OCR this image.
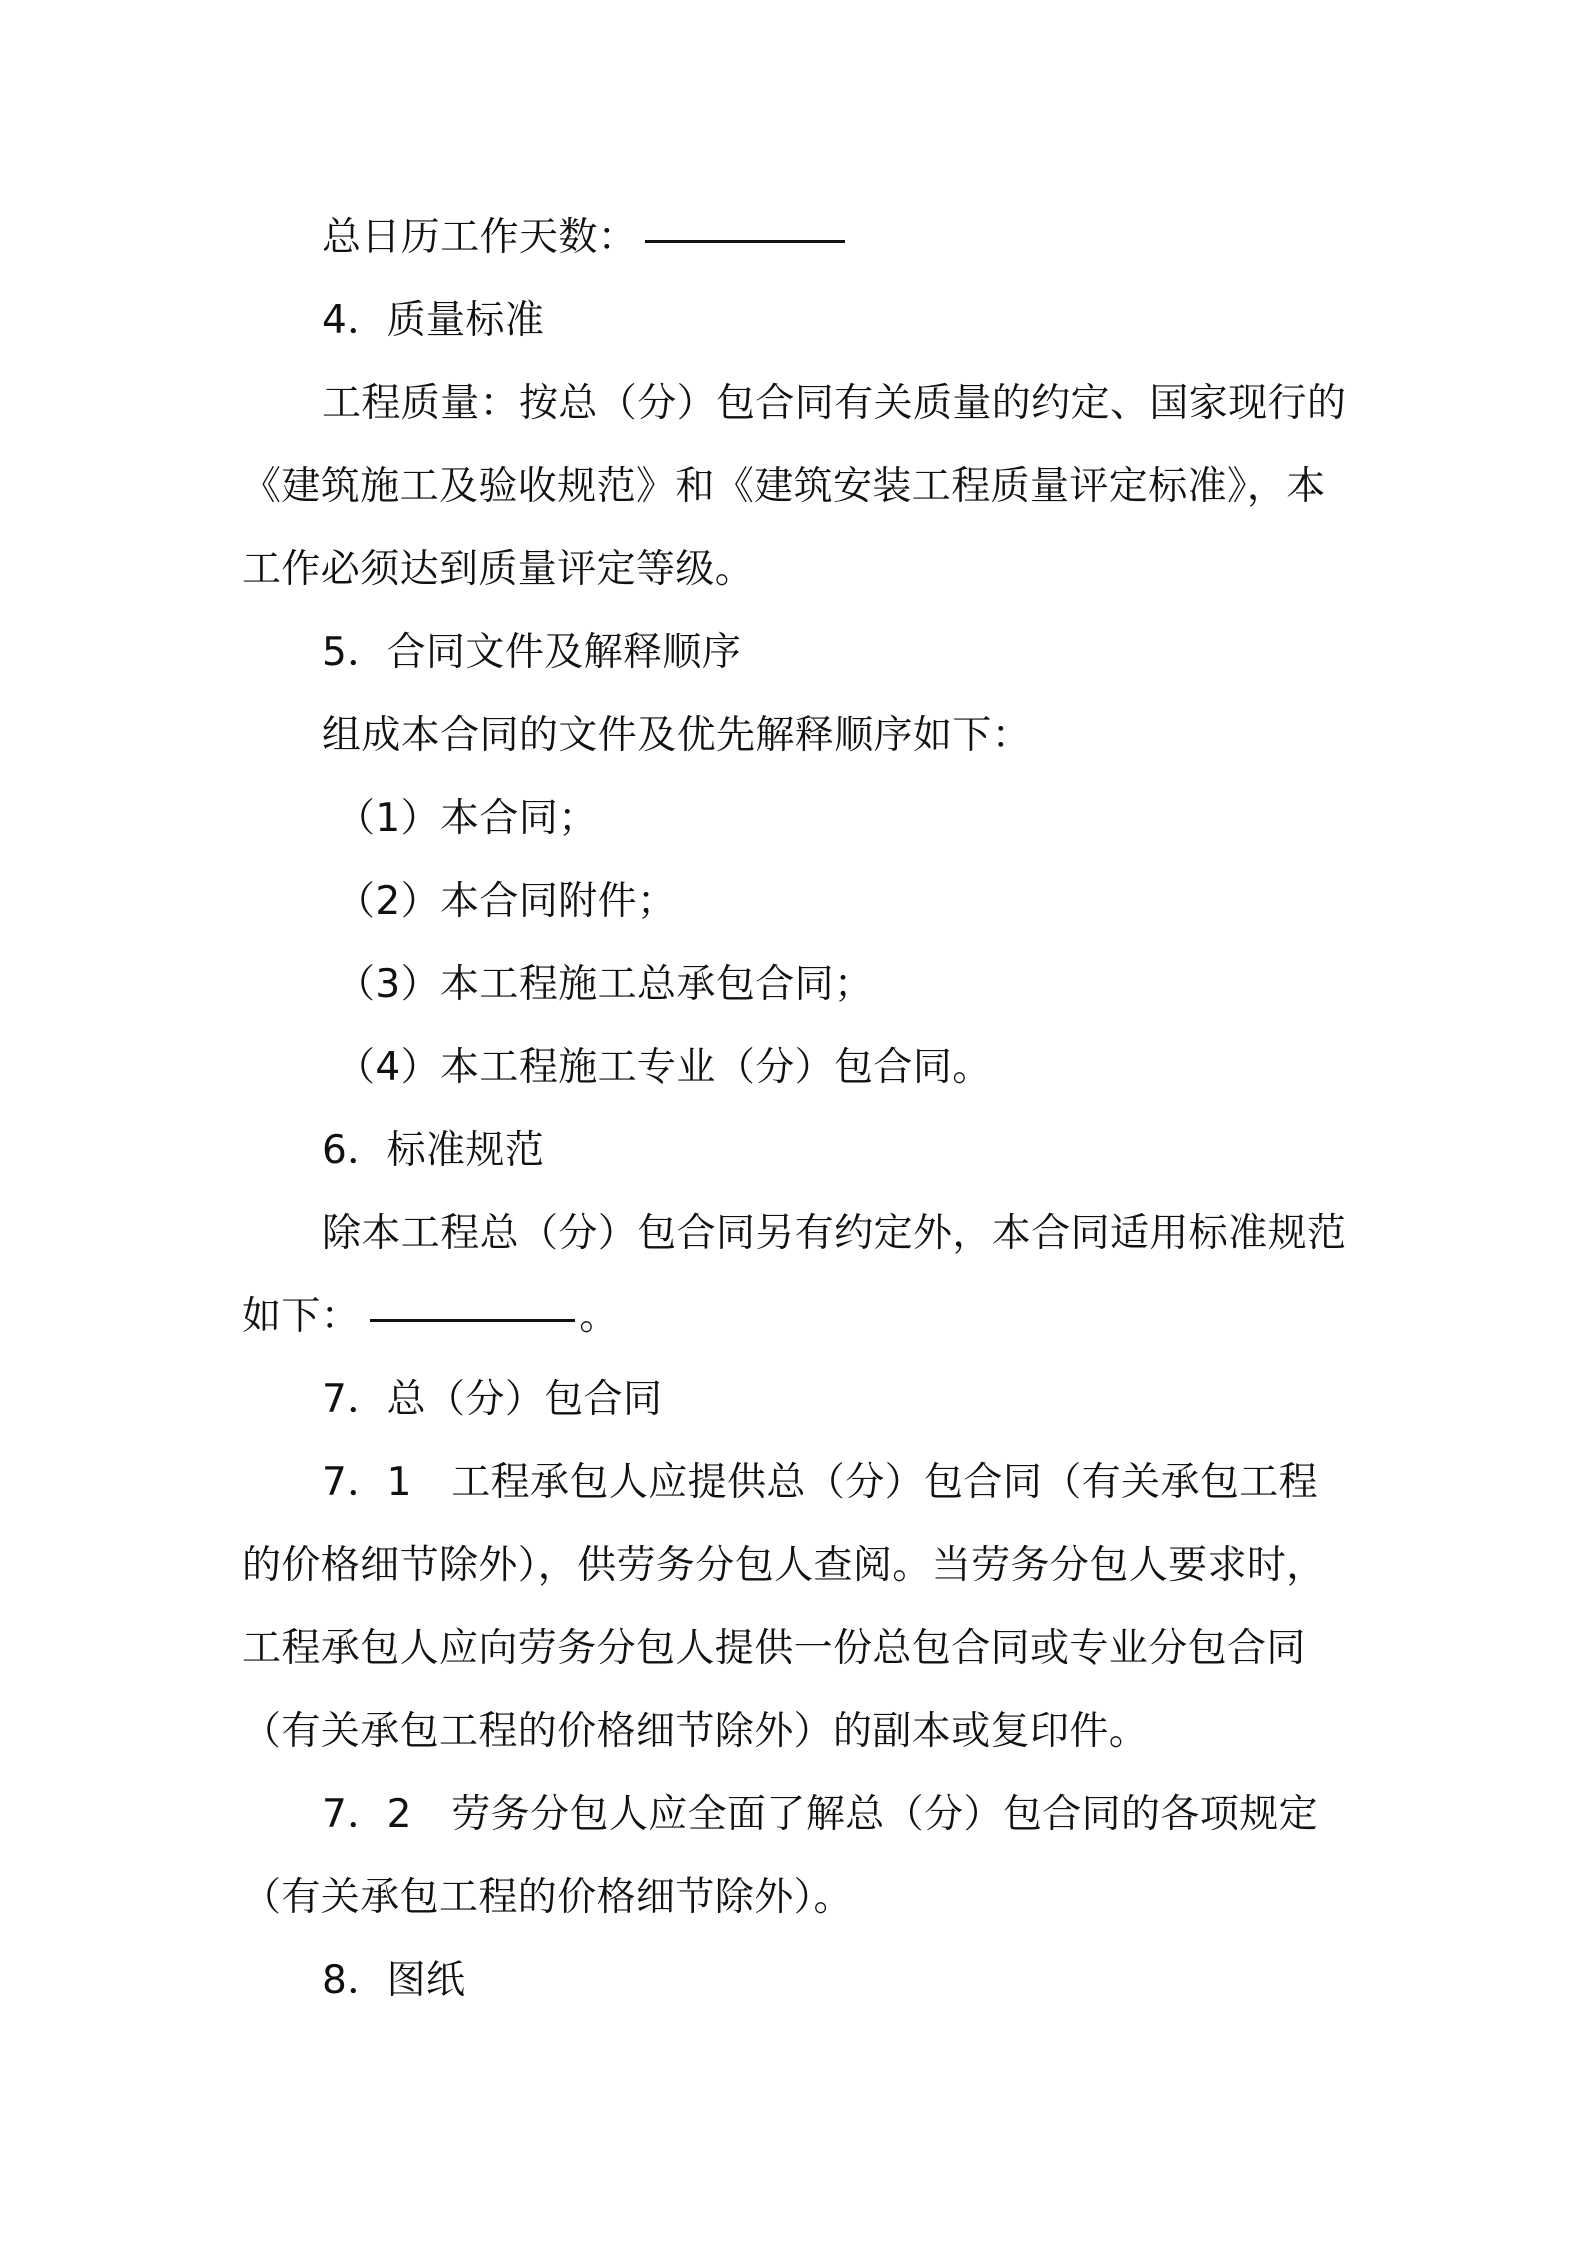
总日历工作天数：

4．质量标准

工程质量：按总（分）包合同有关质量的约定、国家现行的《建筑施工及验收规范》和《建筑安装工程质量评定标准》，本工作必须达到质量评定等级。

5．合同文件及解释顺序

组成本合同的文件及优先解释顺序如下：

（1）本合同；

（2）本合同附件；

（3）本工程施工总承包合同；

（4）本工程施工专业（分）包合同。

6．标准规范

除本工程总（分）包合同另有约定外，本合同适用标准规范如下：	。

7．总（分）包合同

7．1　工程承包人应提供总（分）包合同（有关承包工程的价格细节除外），供劳务分包人查阅。当劳务分包人要求时，工程承包人应向劳务分包人提供一份总包合同或专业分包合同（有关承包工程的价格细节除外）的副本或复印件。

7．2　劳务分包人应全面了解总（分）包合同的各项规定（有关承包工程的价格细节除外）。

8．图纸
